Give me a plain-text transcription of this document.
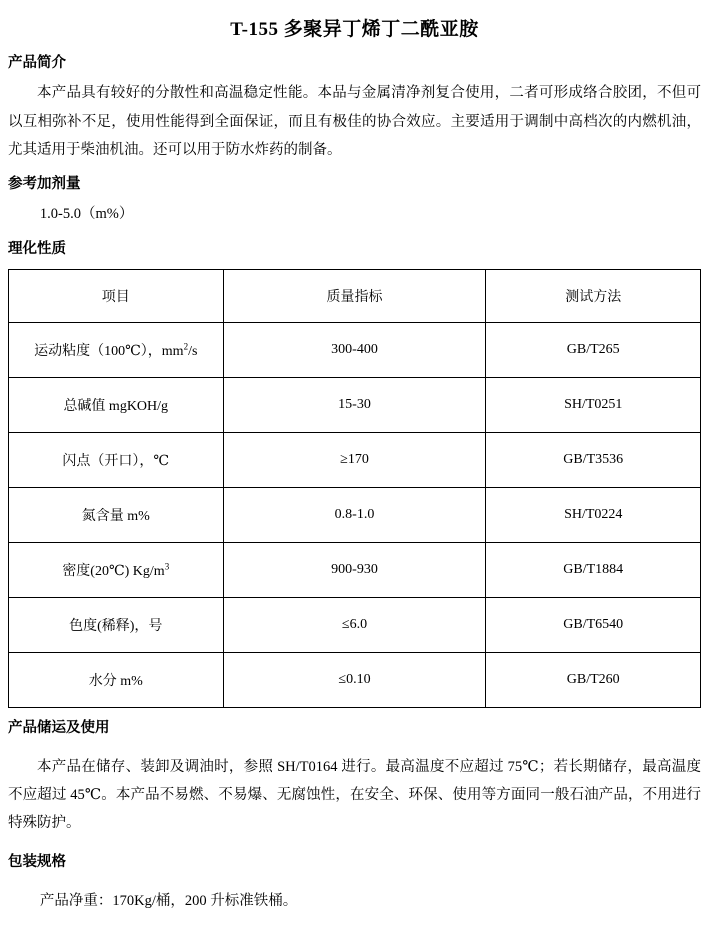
T-155 多聚异丁烯丁二酰亚胺
产品简介

本产品具有较好的分散性和高温稳定性能。本品与金属清净剂复合使用，二者可形成络合胶团，不但可以互相弥补不足，使用性能得到全面保证，而且有极佳的协合效应。主要适用于调制中高档次的内燃机油，尤其适用于柴油机油。还可以用于防水炸药的制备。

参考加剂量

1.0-5.0（m%）

理化性质
项目	质量指标	测试方法
运动粘度（100℃），$mm^2/s$	300-400	GB/T265
总碱值 mgKOH/g	15-30	SH/T0251
闪点（开口），℃	≥170	GB/T3536
氮含量 m%	0.8-1.0	SH/T0224
密度(20℃) $Kg/m^3$	900-930	GB/T1884
色度(稀释)，号	≤6.0	GB/T6540
水分 m%	≤0.10	GB/T260
产品储运及使用

本产品在储存、装卸及调油时，参照 SH/T0164 进行。最高温度不应超过 75℃；若长期储存，最高温度不应超过 45℃。本产品不易燃、不易爆、无腐蚀性，在安全、环保、使用等方面同一般石油产品，不用进行特殊防护。

包装规格

产品净重：170Kg/桶，200 升标准铁桶。
